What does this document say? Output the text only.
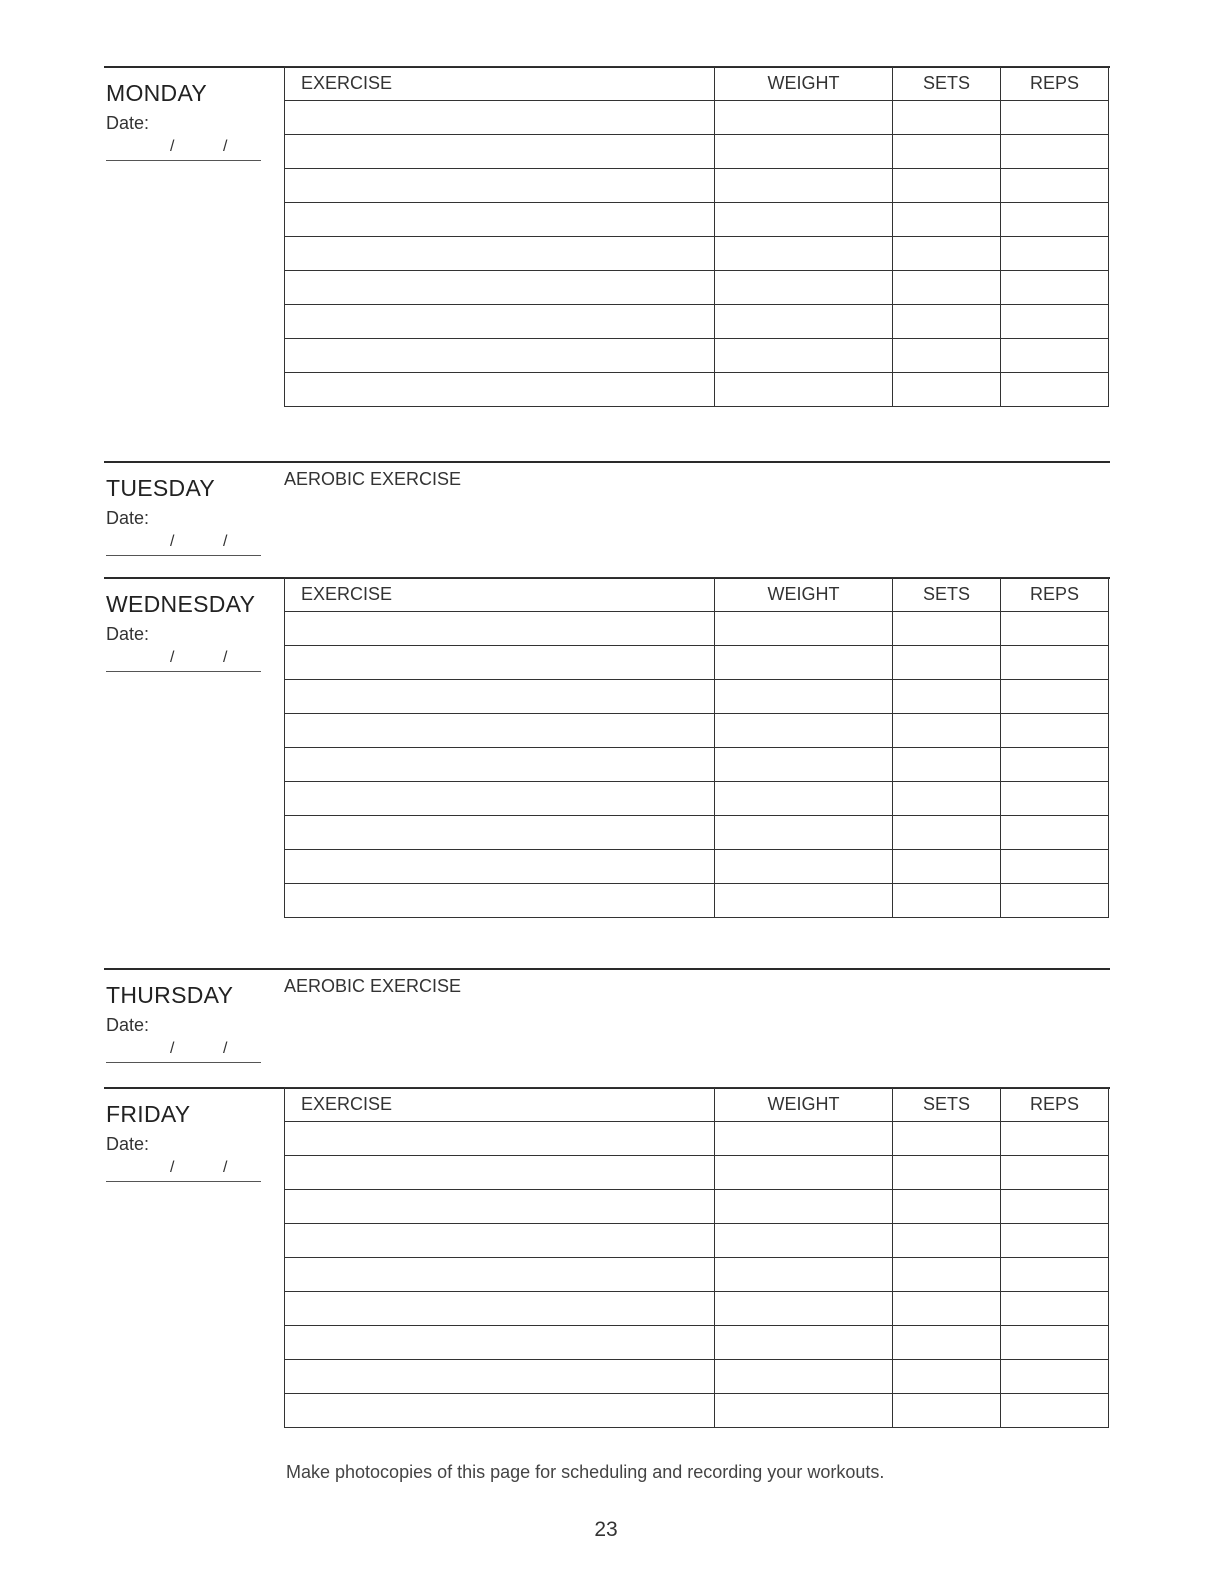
MONDAY
Date:
/	/
EXERCISE	WEIGHT	SETS	REPS

TUESDAY
Date:
/	/
AEROBIC EXERCISE
WEDNESDAY
Date:
/	/
EXERCISE	WEIGHT	SETS	REPS

THURSDAY
Date:
/	/
AEROBIC EXERCISE
FRIDAY
Date:
/	/
EXERCISE	WEIGHT	SETS	REPS

Make photocopies of this page for scheduling and recording your workouts.
23
